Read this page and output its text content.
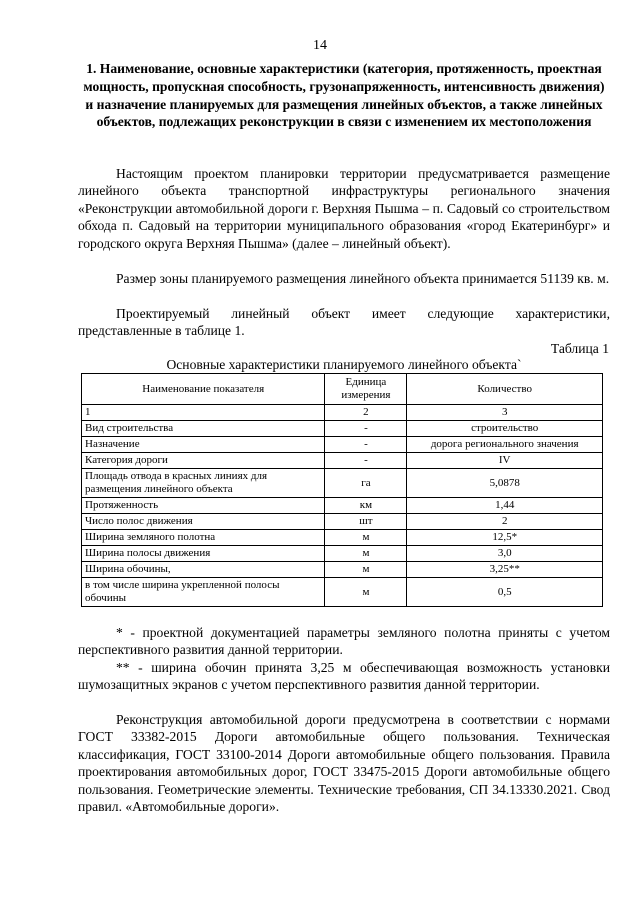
14
1. Наименование, основные характеристики (категория, протяженность, проектная мощность, пропускная способность, грузонапряженность, интенсивность движения) и назначение планируемых для размещения линейных объектов, а также линейных объектов, подлежащих реконструкции в связи с изменением их местоположения

Настоящим проектом планировки территории предусматривается размещение линейного объекта транспортной инфраструктуры регионального значения «Реконструкции автомобильной дороги г. Верхняя Пышма – п. Садовый со строительством обхода п. Садовый на территории муниципального образования «город Екатеринбург» и городского округа Верхняя Пышма» (далее – линейный объект).

Размер зоны планируемого размещения линейного объекта принимается 51139 кв. м.

Проектируемый линейный объект имеет следующие характеристики, представленные в таблице 1.

Таблица 1
Основные характеристики планируемого линейного объекта`
Наименование показателя	Единица измерения	Количество
1	2	3
Вид строительства	-	строительство
Назначение	-	дорога регионального значения
Категория дороги	-	IV
Площадь отвода в красных линиях для размещения линейного объекта	га	5,0878
Протяженность	км	1,44
Число полос движения	шт	2
Ширина земляного полотна	м	12,5*
Ширина полосы движения	м	3,0
Ширина обочины,	м	3,25**
в том числе ширина укрепленной полосы обочины	м	0,5

* - проектной документацией параметры земляного полотна приняты с учетом перспективного развития данной территории.

** - ширина обочин принята 3,25 м обеспечивающая возможность установки шумозащитных экранов с учетом перспективного развития данной территории.

Реконструкция автомобильной дороги предусмотрена в соответствии с нормами ГОСТ 33382-2015 Дороги автомобильные общего пользования. Техническая классификация, ГОСТ 33100-2014 Дороги автомобильные общего пользования. Правила проектирования автомобильных дорог, ГОСТ 33475-2015 Дороги автомобильные общего пользования. Геометрические элементы. Технические требования, СП 34.13330.2021. Свод правил. «Автомобильные дороги».
